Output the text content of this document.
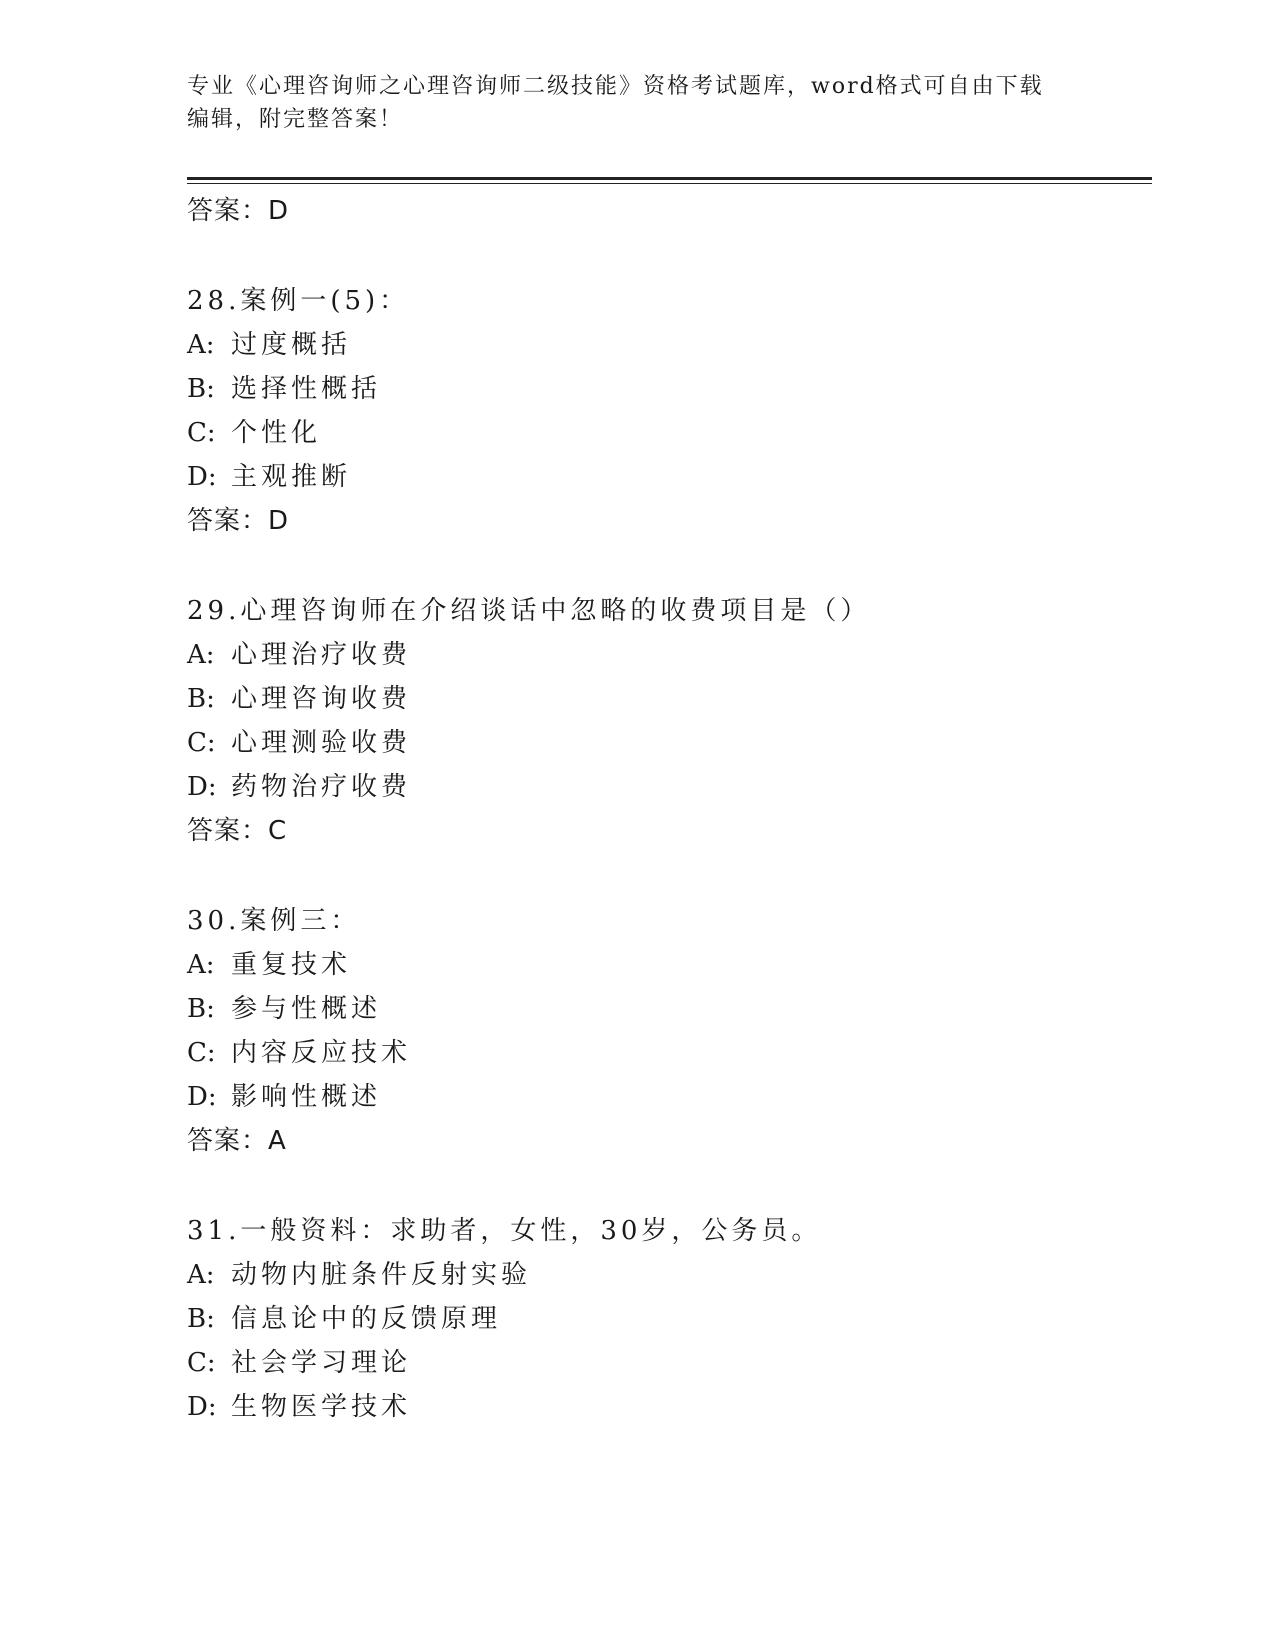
专业《心理咨询师之心理咨询师二级技能》资格考试题库，word格式可自由下载
编辑，附完整答案！
答案：D
28.案例一(5)：
A: 过度概括
B: 选择性概括
C: 个性化
D: 主观推断
答案：D
29.心理咨询师在介绍谈话中忽略的收费项目是（）
A: 心理治疗收费
B: 心理咨询收费
C: 心理测验收费
D: 药物治疗收费
答案：C
30.案例三：
A: 重复技术
B: 参与性概述
C: 内容反应技术
D: 影响性概述
答案：A
31.一般资料：求助者，女性，30岁，公务员。
A: 动物内脏条件反射实验
B: 信息论中的反馈原理
C: 社会学习理论
D: 生物医学技术
